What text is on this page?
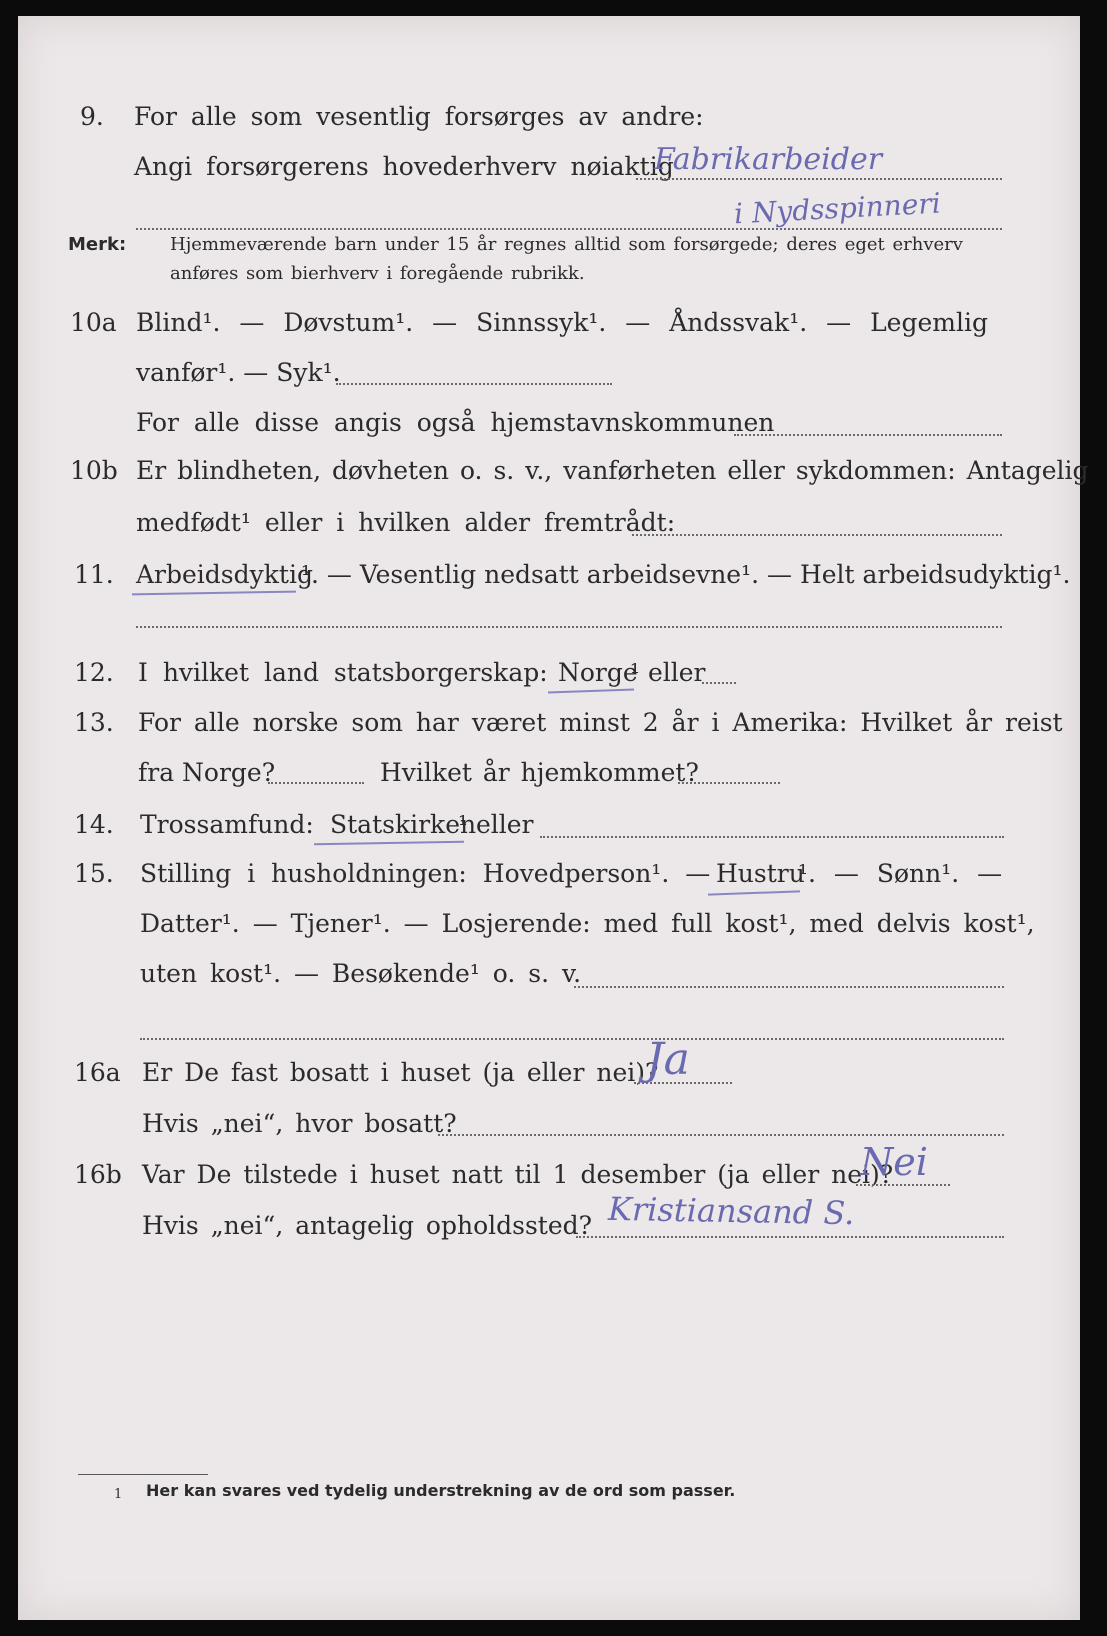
9. For alle som vesentlig forsørges av andre:
Angi forsørgerens hovederhverv nøiaktig
Fabrikarbeider
i Nydsspinneri
Merk: Hjemmeværende barn under 15 år regnes alltid som forsørgede; deres eget erhverv
anføres som bierhverv i foregående rubrikk.
10a Blind¹. — Døvstum¹. — Sinnssyk¹. — Åndssvak¹. — Legemlig
vanfør¹. — Syk¹.
For alle disse angis også hjemstavnskommunen
10b Er blindheten, døvheten o. s. v., vanførheten eller sykdommen: Antagelig
medfødt¹ eller i hvilken alder fremtrådt:
11. Arbeidsdyktig
¹. — Vesentlig nedsatt arbeidsevne¹. — Helt arbeidsudyktig¹.
12. I hvilket land statsborgerskap: Norge
¹ eller
13. For alle norske som har været minst 2 år i Amerika: Hvilket år reist
fra Norge?	Hvilket år hjemkommet?
14. Trossamfund: Statskirken
¹ eller
15. Stilling i husholdningen: Hovedperson¹. — Hustru
¹. — Sønn¹. —
Datter¹. — Tjener¹. — Losjerende: med full kost¹, med delvis kost¹,
uten kost¹. — Besøkende¹ o. s. v.
16a Er De fast bosatt i huset (ja eller nei)?
Ja
Hvis „nei“, hvor bosatt?
16b Var De tilstede i huset natt til 1 desember (ja eller nei)?
Nei
Hvis „nei“, antagelig opholdssted? Kristiansand S.
1 Her kan svares ved tydelig understrekning av de ord som passer.
